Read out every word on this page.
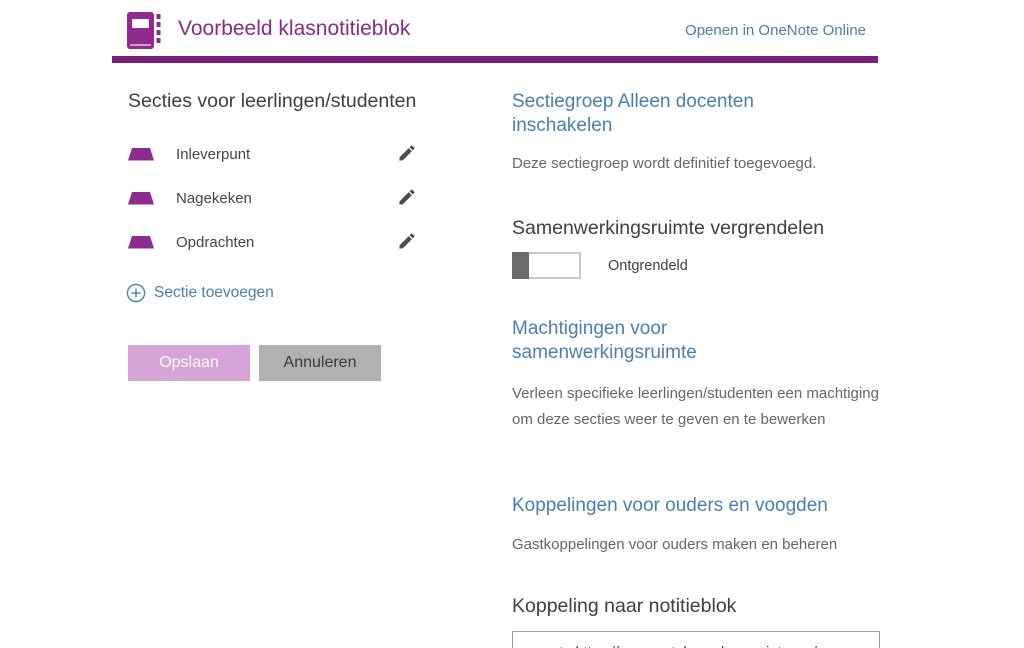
Voorbeeld klasnotitieblok	Openen in OneNote Online
Secties voor leerlingen/studenten
Inleverpunt
Nagekeken
Opdrachten
Sectie toevoegen
Opslaan	Annuleren
Sectiegroep Alleen docenten inschakelen

Deze sectiegroep wordt definitief toegevoegd.

Samenwerkingsruimte vergrendelen
Ontgrendeld
Machtigingen voor samenwerkingsruimte

Verleen specifieke leerlingen/studenten een machtiging om deze secties weer te geven en te bewerken

Koppelingen voor ouders en voogden

Gastkoppelingen voor ouders maken en beheren

Koppeling naar notitieblok
onenote:https://novaportal-my.sharepoint.com/p
